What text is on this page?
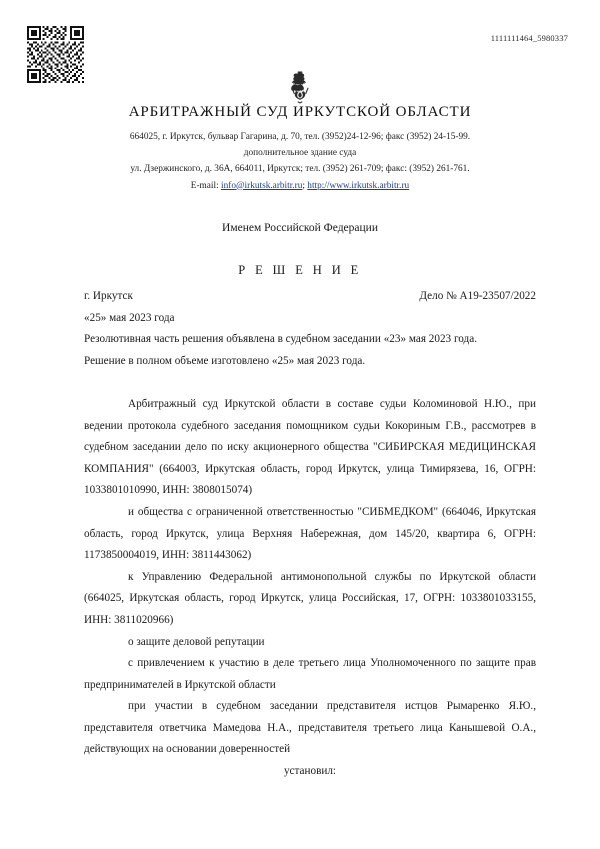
1111111464_5980337
АРБИТРАЖНЫЙ СУД ИРКУТСКОЙ ОБЛАСТИ
664025, г. Иркутск, бульвар Гагарина, д. 70, тел. (3952)24-12-96; факс (3952) 24-15-99.
дополнительное здание суда
ул. Дзержинского, д. 36А, 664011, Иркутск; тел. (3952) 261-709; факс: (3952) 261-761.
E-mail: info@irkutsk.arbitr.ru; http://www.irkutsk.arbitr.ru
Именем Российской Федерации
Р Е Ш Е Н И Е
г. Иркутск	Дело № А19-23507/2022

«25» мая 2023 года

Резолютивная часть решения объявлена в судебном заседании «23» мая 2023 года.

Решение в полном объеме изготовлено «25» мая 2023 года.

Арбитражный суд Иркутской области в составе судьи Коломиновой Н.Ю., при ведении протокола судебного заседания помощником судьи Кокориным Г.В., рассмотрев в судебном заседании дело по иску акционерного общества "СИБИРСКАЯ МЕДИЦИНСКАЯ КОМПАНИЯ" (664003, Иркутская область, город Иркутск, улица Тимирязева, 16, ОГРН: 1033801010990, ИНН: 3808015074)

и общества с ограниченной ответственностью "СИБМЕДКОМ" (664046, Иркутская область, город Иркутск, улица Верхняя Набережная, дом 145/20, квартира 6, ОГРН: 1173850004019, ИНН: 3811443062)

к Управлению Федеральной антимонопольной службы по Иркутской области (664025, Иркутская область, город Иркутск, улица Российская, 17, ОГРН: 1033801033155, ИНН: 3811020966)

о защите деловой репутации

с привлечением к участию в деле третьего лица Уполномоченного по защите прав предпринимателей в Иркутской области

при участии в судебном заседании представителя истцов Рымаренко Я.Ю., представителя ответчика Мамедова Н.А., представителя третьего лица Канышевой О.А., действующих на основании доверенностей

установил:
